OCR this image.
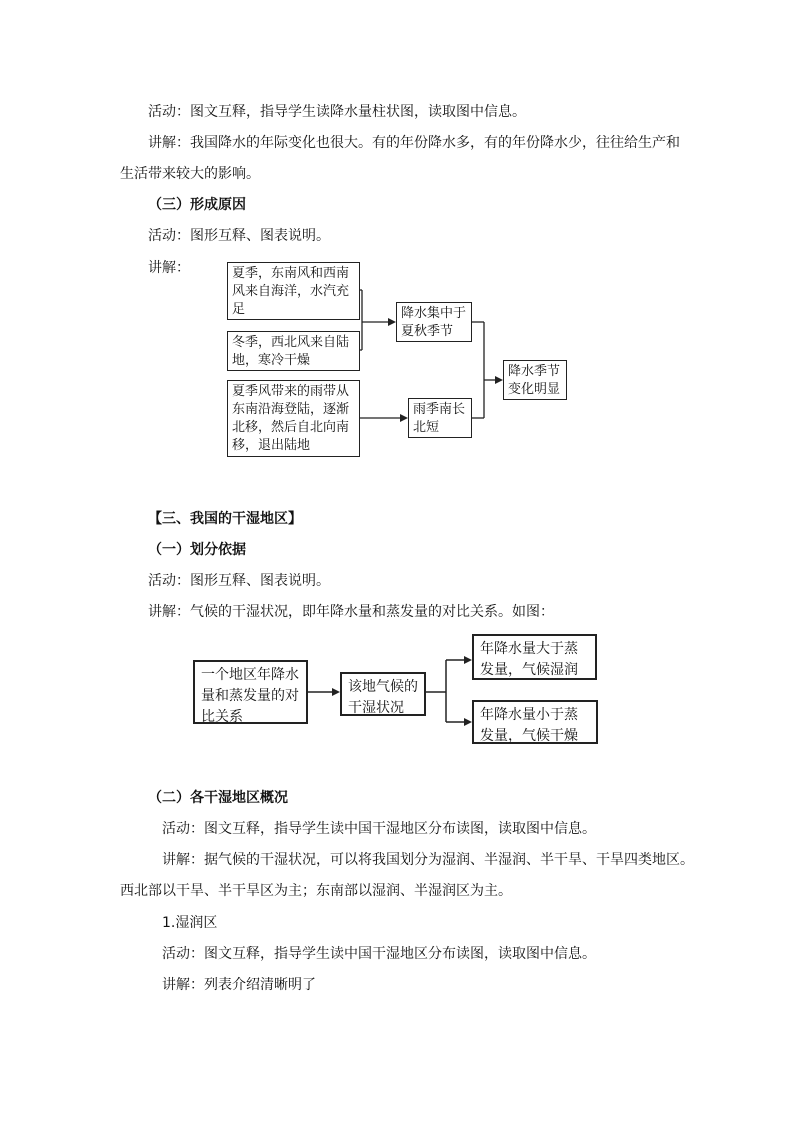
活动：图文互释，指导学生读降水量柱状图，读取图中信息。
讲解：我国降水的年际变化也很大。有的年份降水多，有的年份降水少，往往给生产和
生活带来较大的影响。
（三）形成原因
活动：图形互释、图表说明。
讲解：	夏季，东南风和西南风来自海洋，水汽充足
冬季，西北风来自陆地，寒冷干燥
夏季风带来的雨带从东南沿海登陆，逐渐北移，然后自北向南移，退出陆地
降水集中于夏秋季节
雨季南长北短
降水季节变化明显
【三、我国的干湿地区】
（一）划分依据
活动：图形互释、图表说明。
讲解：气候的干湿状况，即年降水量和蒸发量的对比关系。如图：
一个地区年降水量和蒸发量的对比关系
该地气候的干湿状况
年降水量大于蒸发量，气候湿润
年降水量小于蒸发量，气候干燥
（二）各干湿地区概况
活动：图文互释，指导学生读中国干湿地区分布读图，读取图中信息。
讲解：据气候的干湿状况，可以将我国划分为湿润、半湿润、半干旱、干旱四类地区。
西北部以干旱、半干旱区为主；东南部以湿润、半湿润区为主。
1.湿润区
活动：图文互释，指导学生读中国干湿地区分布读图，读取图中信息。
讲解：列表介绍清晰明了
